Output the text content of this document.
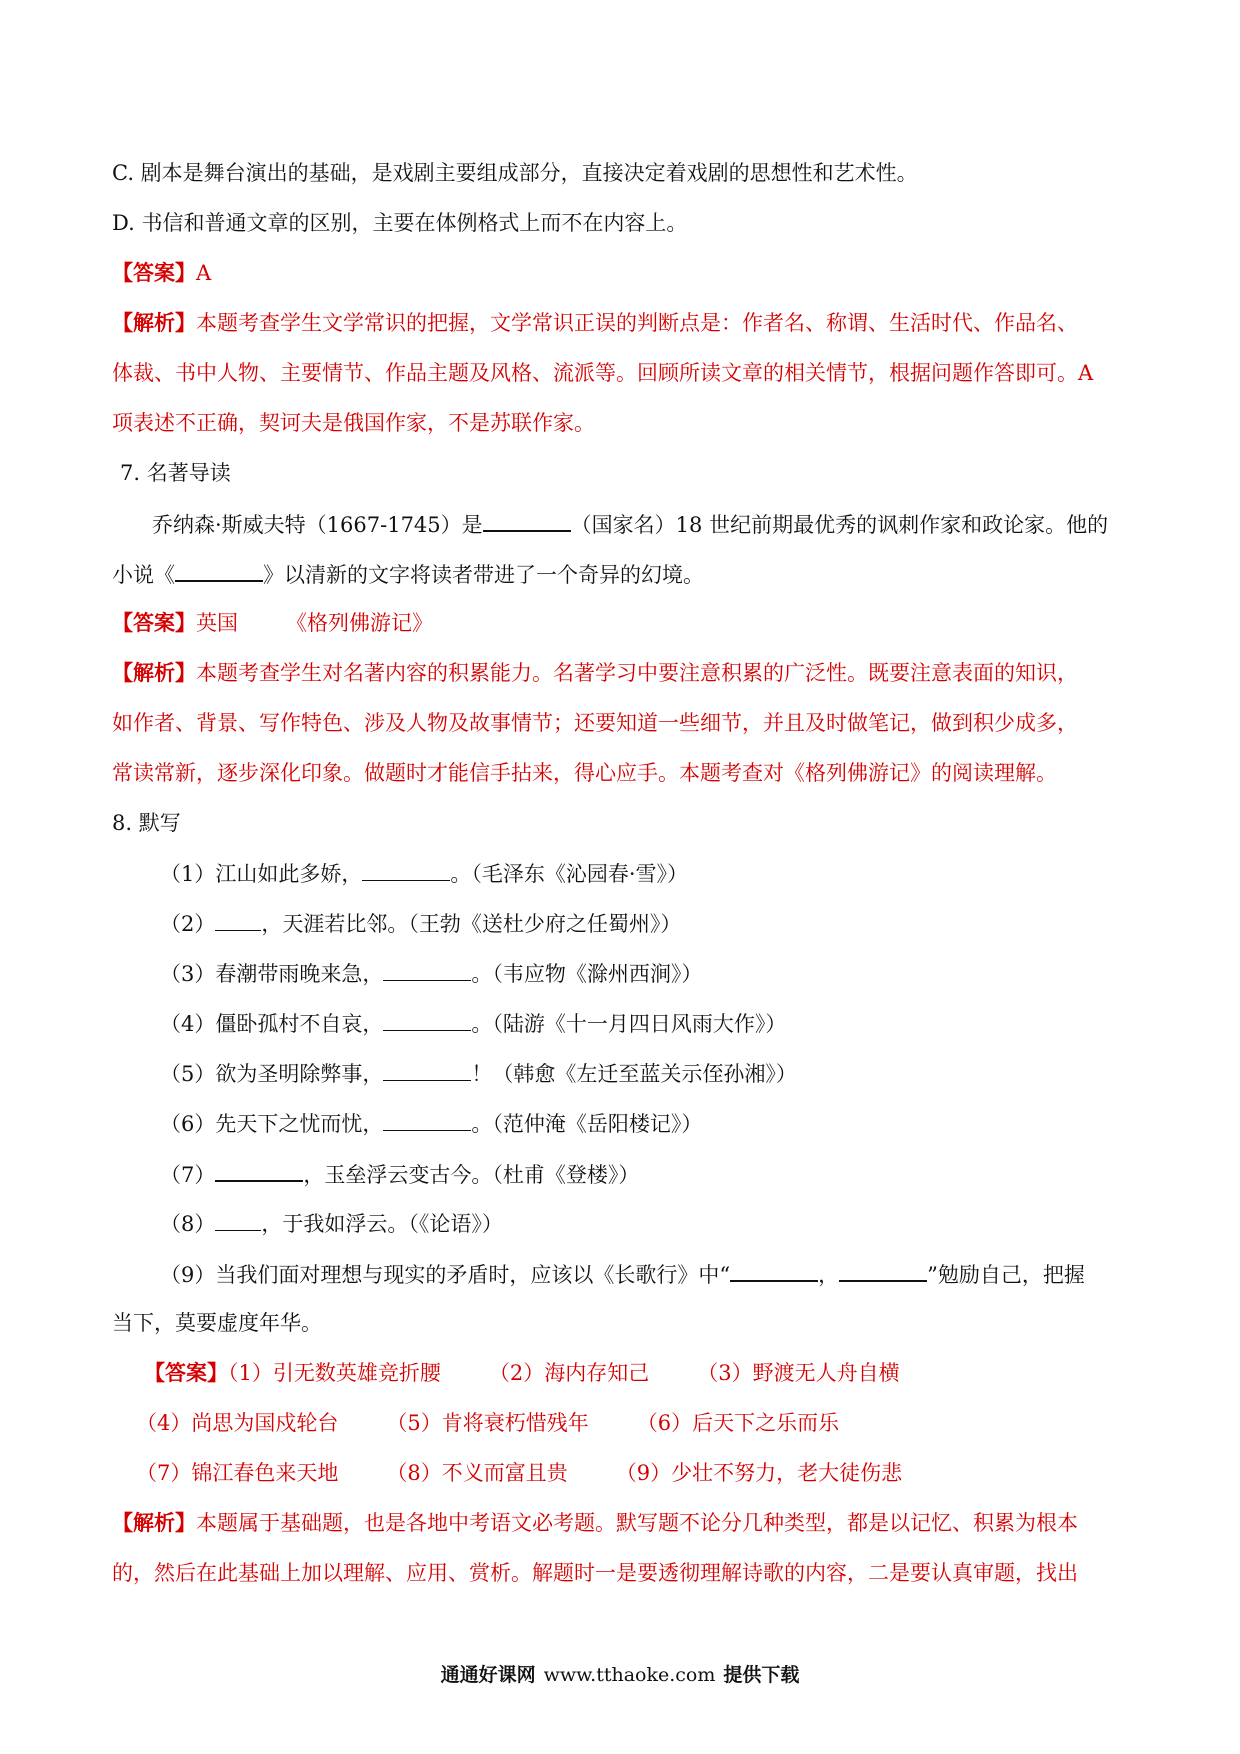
C. 剧本是舞台演出的基础，是戏剧主要组成部分，直接决定着戏剧的思想性和艺术性。
D. 书信和普通文章的区别，主要在体例格式上而不在内容上。
【答案】A
【解析】本题考查学生文学常识的把握，文学常识正误的判断点是：作者名、称谓、生活时代、作品名、
体裁、书中人物、主要情节、作品主题及风格、流派等。回顾所读文章的相关情节，根据问题作答即可。A
项表述不正确，契诃夫是俄国作家，不是苏联作家。
7. 名著导读
乔纳森·斯威夫特（1667-1745）是	（国家名）18 世纪前期最优秀的讽刺作家和政论家。他的
小说《	》以清新的文字将读者带进了一个奇异的幻境。
【答案】英国 《格列佛游记》
【解析】本题考查学生对名著内容的积累能力。名著学习中要注意积累的广泛性。既要注意表面的知识，
如作者、背景、写作特色、涉及人物及故事情节；还要知道一些细节，并且及时做笔记，做到积少成多，
常读常新，逐步深化印象。做题时才能信手拈来，得心应手。本题考查对《格列佛游记》的阅读理解。
8. 默写
（1）江山如此多娇，	。（毛泽东《沁园春·雪》）
（2） ，天涯若比邻。（王勃《送杜少府之任蜀州》）
（3）春潮带雨晚来急，	。（韦应物《滁州西涧》）
（4）僵卧孤村不自哀，	。（陆游《十一月四日风雨大作》）
（5）欲为圣明除弊事，	！（韩愈《左迁至蓝关示侄孙湘》）
（6）先天下之忧而忧，	。（范仲淹《岳阳楼记》）
（7）	，玉垒浮云变古今。（杜甫《登楼》）
（8） ，于我如浮云。（《论语》）
（9）当我们面对理想与现实的矛盾时，应该以《长歌行》中“	，	”勉励自己，把握
当下，莫要虚度年华。
【答案】（1）引无数英雄竞折腰 （2）海内存知己 （3）野渡无人舟自横
（4）尚思为国戍轮台 （5）肯将衰朽惜残年 （6）后天下之乐而乐
（7）锦江春色来天地 （8）不义而富且贵 （9）少壮不努力，老大徒伤悲
【解析】本题属于基础题，也是各地中考语文必考题。默写题不论分几种类型，都是以记忆、积累为根本
的，然后在此基础上加以理解、应用、赏析。解题时一是要透彻理解诗歌的内容，二是要认真审题，找出
通通好课网 www.tthaoke.com 提供下载
